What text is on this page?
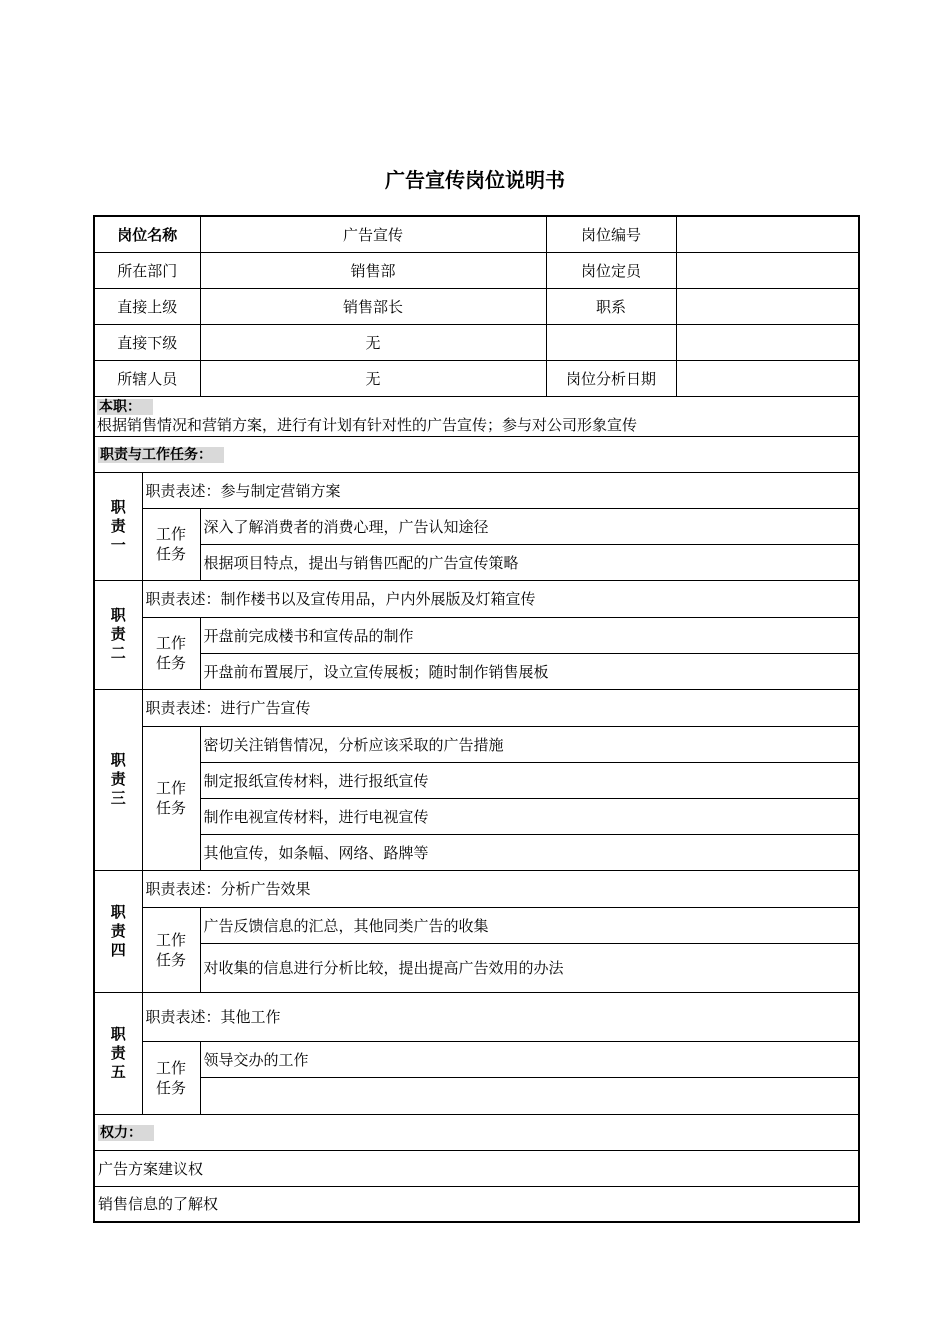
广告宣传岗位说明书
岗位名称		广告宣传	岗位编号	
所在部门		销售部	岗位定员	
直接上级		销售部长	职系	
直接下级		无		
所辖人员		无	岗位分析日期	
本职：
根据销售情况和营销方案，进行有计划有针对性的广告宣传；参与对公司形象宣传				
职责与工作任务：				
职责一	职责表述：参与制定营销方案			
	工作任务	深入了解消费者的消费心理，广告认知途径		
		根据项目特点，提出与销售匹配的广告宣传策略		
职责二	职责表述：制作楼书以及宣传用品，户内外展版及灯箱宣传			
	工作任务	开盘前完成楼书和宣传品的制作		
		开盘前布置展厅，设立宣传展板；随时制作销售展板		
职责三	职责表述：进行广告宣传			
	工作任务	密切关注销售情况，分析应该采取的广告措施		
		制定报纸宣传材料，进行报纸宣传		
		制作电视宣传材料，进行电视宣传		
		其他宣传，如条幅、网络、路牌等		
职责四	职责表述：分析广告效果			
	工作任务	广告反馈信息的汇总，其他同类广告的收集		
		对收集的信息进行分析比较，提出提高广告效用的办法		
职责五	职责表述：其他工作			
	工作任务	领导交办的工作		

权力：				
广告方案建议权				
销售信息的了解权				
